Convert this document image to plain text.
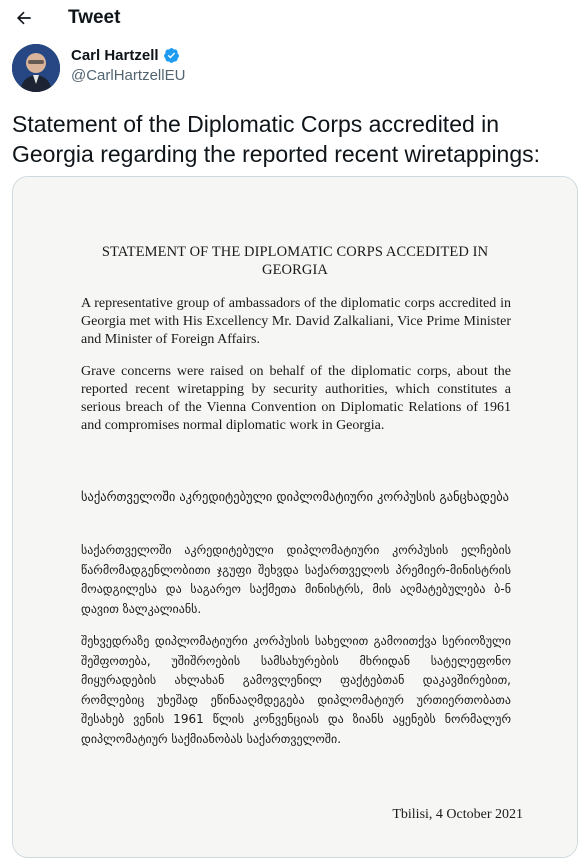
Tweet
Carl Hartzell
@CarlHartzellEU
Statement of the Diplomatic Corps accredited in Georgia regarding the reported recent wiretappings:
STATEMENT OF THE DIPLOMATIC CORPS ACCEDITED IN GEORGIA
A representative group of ambassadors of the diplomatic corps accredited in Georgia met with His Excellency Mr. David Zalkaliani, Vice Prime Minister and Minister of Foreign Affairs.
Grave concerns were raised on behalf of the diplomatic corps, about the reported recent wiretapping by security authorities, which constitutes a serious breach of the Vienna Convention on Diplomatic Relations of 1961 and compromises normal diplomatic work in Georgia.
საქართველოში აკრედიტებული დიპლომატიური კორპუსის განცხადება
საქართველოში აკრედიტებული დიპლომატიური კორპუსის ელჩების წარმომადგენლობითი ჯგუფი შეხვდა საქართველოს პრემიერ-მინისტრის მოადგილესა და საგარეო საქმეთა მინისტრს, მის აღმატებულება ბ-ნ დავით ზალკალიანს.
შეხვედრაზე დიპლომატიური კორპუსის სახელით გამოითქვა სერიოზული შეშფოთება, უშიშროების სამსახურების მხრიდან სატელეფონო მიყურადების ახლახან გამოვლენილ ფაქტებთან დაკავშირებით, რომლებიც უხეშად ეწინააღმდეგება დიპლომატიურ ურთიერთობათა შესახებ ვენის 1961 წლის კონვენციას და ზიანს აყენებს ნორმალურ დიპლომატიურ საქმიანობას საქართველოში.
Tbilisi, 4 October 2021
